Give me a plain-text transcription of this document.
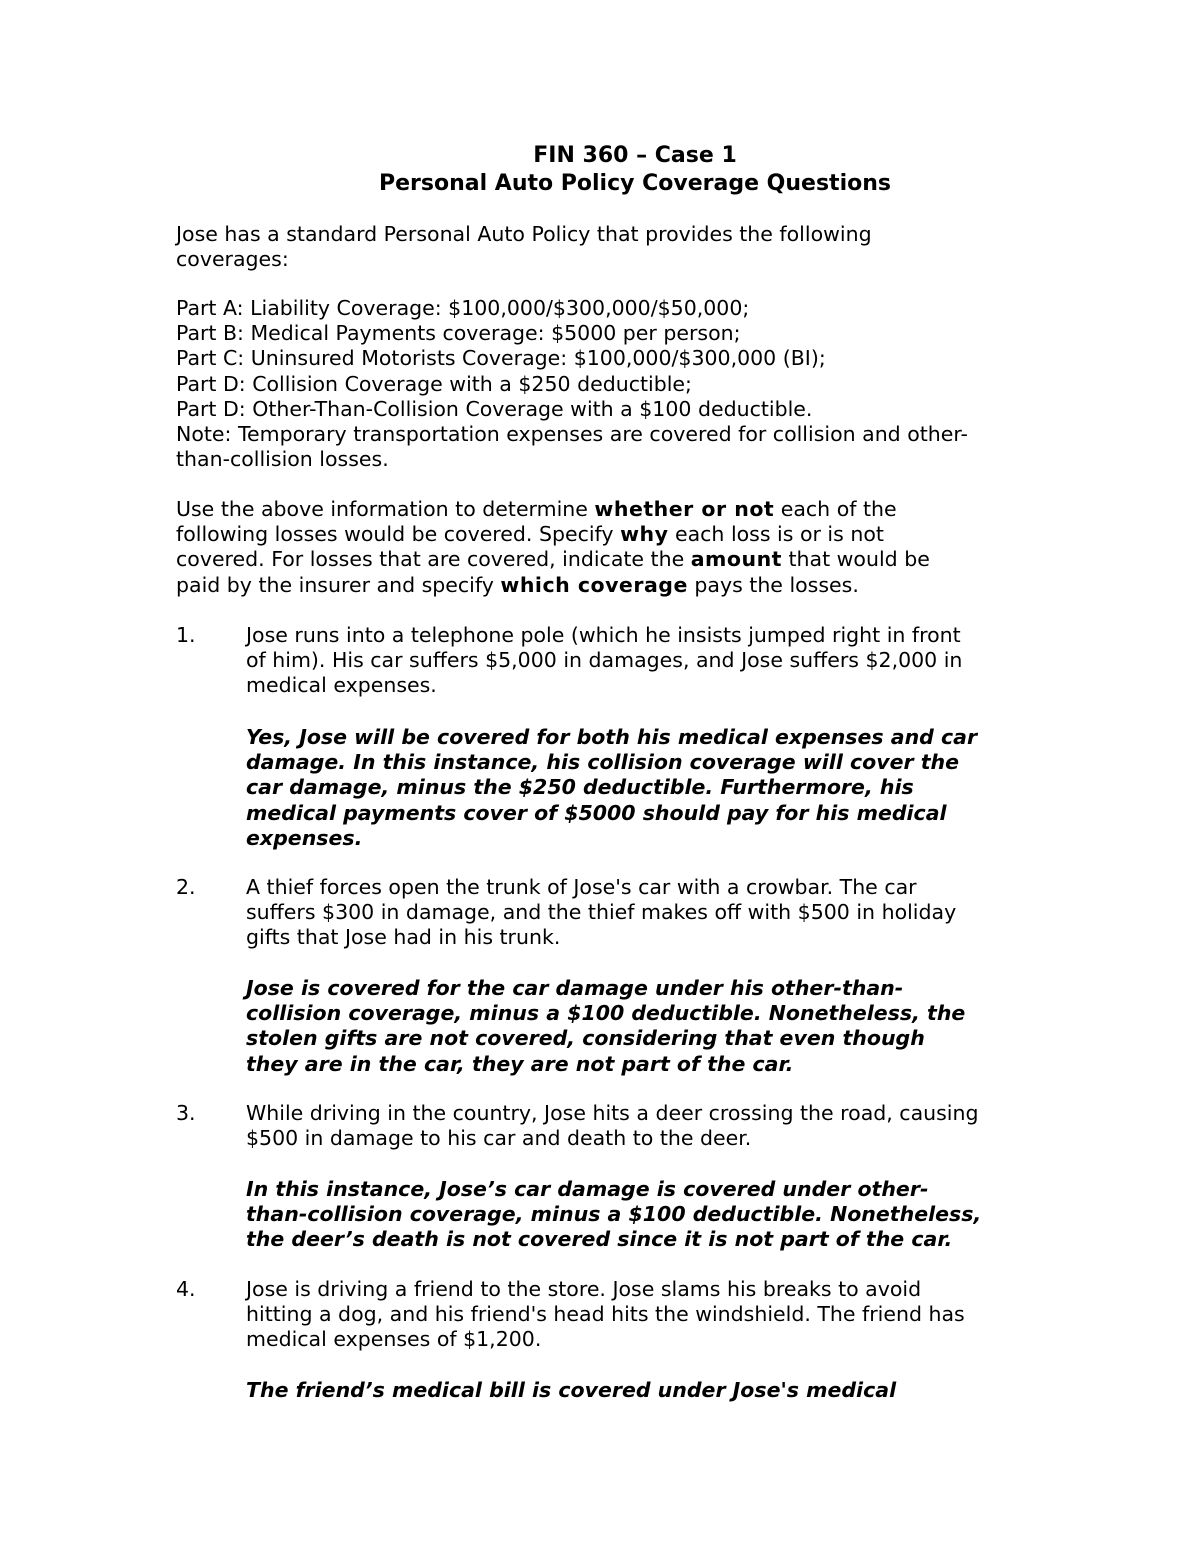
FIN 360 – Case 1
Personal Auto Policy Coverage Questions
Jose has a standard Personal Auto Policy that provides the following
coverages:
Part A: Liability Coverage: $100,000/$300,000/$50,000;
Part B: Medical Payments coverage: $5000 per person;
Part C: Uninsured Motorists Coverage: $100,000/$300,000 (BI);
Part D: Collision Coverage with a $250 deductible;
Part D: Other-Than-Collision Coverage with a $100 deductible.
Note: Temporary transportation expenses are covered for collision and other-
than-collision losses.
Use the above information to determine whether or not each of the
following losses would be covered. Specify why each loss is or is not
covered. For losses that are covered, indicate the amount that would be
paid by the insurer and specify which coverage pays the losses.
1. Jose runs into a telephone pole (which he insists jumped right in front
of him). His car suffers $5,000 in damages, and Jose suffers $2,000 in
medical expenses.
Yes, Jose will be covered for both his medical expenses and car
damage. In this instance, his collision coverage will cover the
car damage, minus the $250 deductible. Furthermore, his
medical payments cover of $5000 should pay for his medical
expenses.
2. A thief forces open the trunk of Jose's car with a crowbar. The car
suffers $300 in damage, and the thief makes off with $500 in holiday
gifts that Jose had in his trunk.
Jose is covered for the car damage under his other-than-
collision coverage, minus a $100 deductible. Nonetheless, the
stolen gifts are not covered, considering that even though
they are in the car, they are not part of the car.
3. While driving in the country, Jose hits a deer crossing the road, causing
$500 in damage to his car and death to the deer.
In this instance, Jose’s car damage is covered under other-
than-collision coverage, minus a $100 deductible. Nonetheless,
the deer’s death is not covered since it is not part of the car.
4. Jose is driving a friend to the store. Jose slams his breaks to avoid
hitting a dog, and his friend's head hits the windshield. The friend has
medical expenses of $1,200.
The friend’s medical bill is covered under Jose's medical
